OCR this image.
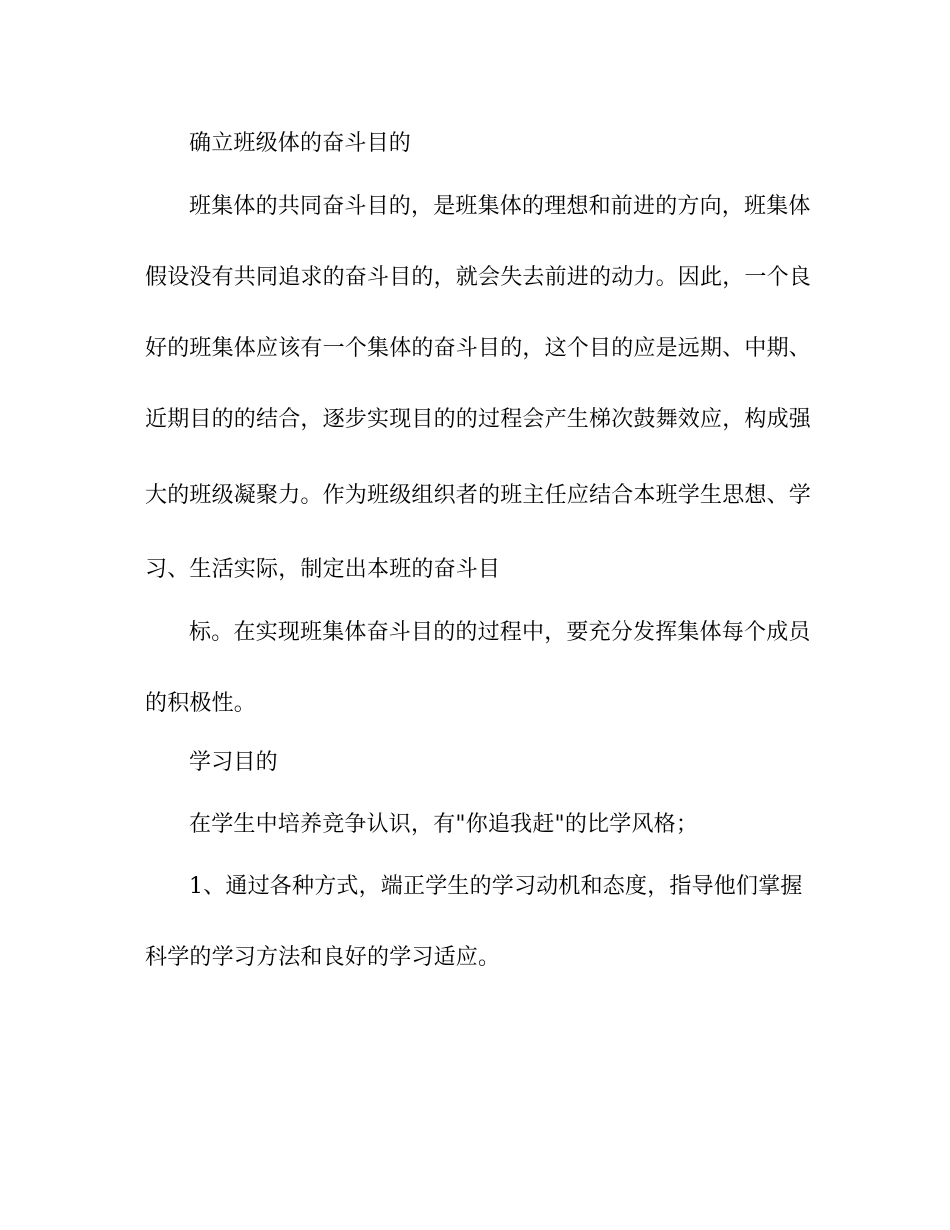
确立班级体的奋斗目的
班集体的共同奋斗目的，是班集体的理想和前进的方向，班集体
假设没有共同追求的奋斗目的，就会失去前进的动力。因此，一个良
好的班集体应该有一个集体的奋斗目的，这个目的应是远期、中期、
近期目的的结合，逐步实现目的的过程会产生梯次鼓舞效应，构成强
大的班级凝聚力。作为班级组织者的班主任应结合本班学生思想、学
习、生活实际，制定出本班的奋斗目
标。在实现班集体奋斗目的的过程中，要充分发挥集体每个成员
的积极性。
学习目的
在学生中培养竞争认识，有"你追我赶"的比学风格；
1、通过各种方式，端正学生的学习动机和态度，指导他们掌握
科学的学习方法和良好的学习适应。
